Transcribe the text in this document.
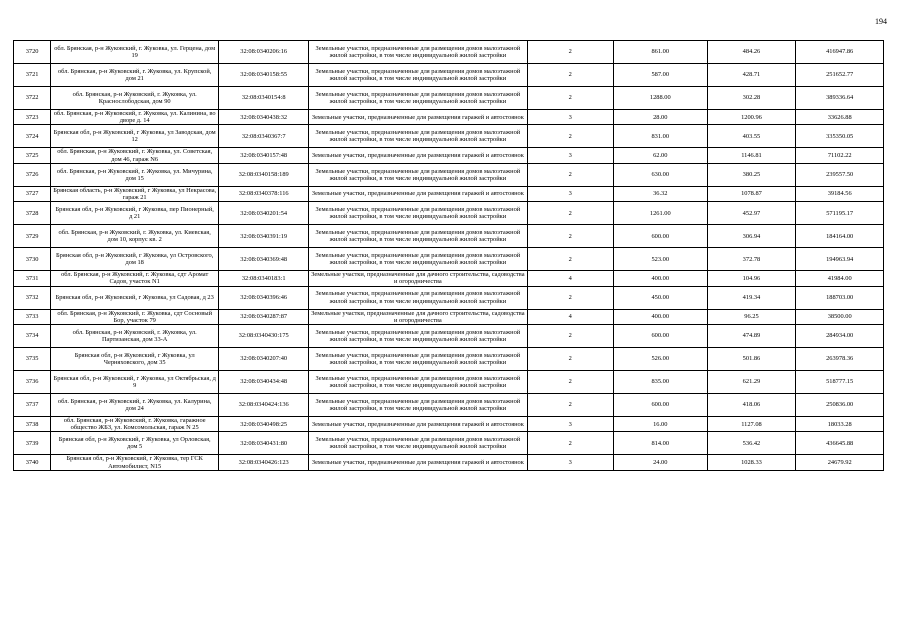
194
3720	обл. Брянская, р-н Жуковский, г. Жуковка, ул. Герцена, дом 19	32:08:0340206:16	Земельные участки, предназначенные для размещения домов малоэтажной жилой застройки, в том числе индивидуальной жилой застройки	2	861.00	484.26	416947.86
3721	обл. Брянская, р-н Жуковский, г. Жуковка, ул. Крупской, дом 21	32:08:0340158:55	Земельные участки, предназначенные для размещения домов малоэтажной жилой застройки, в том числе индивидуальной жилой застройки	2	587.00	428.71	251652.77
3722	обл. Брянская, р-н Жуковский, г. Жуковка, ул. Краснослободская, дом 90	32:08:0340154:8	Земельные участки, предназначенные для размещения домов малоэтажной жилой застройки, в том числе индивидуальной жилой застройки	2	1288.00	302.28	389336.64
3723	обл. Брянская, р-н Жуковский, г. Жуковка, ул. Калинина, во дворе д. 14	32:08:0340438:32	Земельные участки, предназначенные для размещения гаражей и автостоянок	3	28.00	1200.96	33626.88
3724	Брянская обл, р-н Жуковский, г Жуковка, ул Заводская, дом 12	32:08:0340367:7	Земельные участки, предназначенные для размещения домов малоэтажной жилой застройки, в том числе индивидуальной жилой застройки	2	831.00	403.55	335350.05
3725	обл. Брянская, р-н Жуковский, г. Жуковка, ул. Советская, дом 46, гараж N6	32:08:0340157:48	Земельные участки, предназначенные для размещения гаражей и автостоянок	3	62.00	1146.81	71102.22
3726	обл. Брянская, р-н Жуковский, г. Жуковка, ул. Мичурина, дом 15	32:08:0340158:189	Земельные участки, предназначенные для размещения домов малоэтажной жилой застройки, в том числе индивидуальной жилой застройки	2	630.00	380.25	239557.50
3727	Брянская область, р-н Жуковский, г Жуковка, ул Некрасова, гараж 21	32:08:0340378:116	Земельные участки, предназначенные для размещения гаражей и автостоянок	3	36.32	1078.87	39184.56
3728	Брянская обл, р-н Жуковский, г Жуковка, пер Пионерный, д 21	32:08:0340201:54	Земельные участки, предназначенные для размещения домов малоэтажной жилой застройки, в том числе индивидуальной жилой застройки	2	1261.00	452.97	571195.17
3729	обл. Брянская, р-н Жуковский, г. Жуковка, ул. Киевская, дом 10, корпус кв. 2	32:08:0340391:19	Земельные участки, предназначенные для размещения домов малоэтажной жилой застройки, в том числе индивидуальной жилой застройки	2	600.00	306.94	184164.00
3730	Брянская обл, р-н Жуковский, г Жуковка, ул Островского, дом 18	32:08:0340369:48	Земельные участки, предназначенные для размещения домов малоэтажной жилой застройки, в том числе индивидуальной жилой застройки	2	523.00	372.78	194963.94
3731	обл. Брянская, р-н Жуковский, г. Жуковка, сдт Аромат Садов, участок N1	32:08:0340183:1	Земельные участки, предназначенные для дачного строительства, садоводства и огородничества	4	400.00	104.96	41984.00
3732	Брянская обл, р-н Жуковский, г Жуковка, ул Садовая, д 23	32:08:0340396:46	Земельные участки, предназначенные для размещения домов малоэтажной жилой застройки, в том числе индивидуальной жилой застройки	2	450.00	419.34	188703.00
3733	обл. Брянская, р-н Жуковский, г. Жуковка, сдт Сосновый Бор, участок 79	32:08:0340287:87	Земельные участки, предназначенные для дачного строительства, садоводства и огородничества	4	400.00	96.25	38500.00
3734	обл. Брянская, р-н Жуковский, г. Жуковка, ул. Партизанская, дом 33-А	32:08:0340430:175	Земельные участки, предназначенные для размещения домов малоэтажной жилой застройки, в том числе индивидуальной жилой застройки	2	600.00	474.89	284934.00
3735	Брянская обл, р-н Жуковский, г Жуковка, ул Черняховского, дом 35	32:08:0340207:40	Земельные участки, предназначенные для размещения домов малоэтажной жилой застройки, в том числе индивидуальной жилой застройки	2	526.00	501.86	263978.36
3736	Брянская обл, р-н Жуковский, г Жуковка, ул Октябрьская, д 9	32:08:0340434:48	Земельные участки, предназначенные для размещения домов малоэтажной жилой застройки, в том числе индивидуальной жилой застройки	2	835.00	621.29	518777.15
3737	обл. Брянская, р-н Жуковский, г. Жуковка, ул. Калурина, дом 24	32:08:0340424:136	Земельные участки, предназначенные для размещения домов малоэтажной жилой застройки, в том числе индивидуальной жилой застройки	2	600.00	418.06	250836.00
3738	обл. Брянская, р-н Жуковский, г. Жуковка, гаражное общество ЖБЗ, ул. Комсомольская, гараж N 25	32:08:0340498:25	Земельные участки, предназначенные для размещения гаражей и автостоянок	3	16.00	1127.08	18033.28
3739	Брянская обл, р-н Жуковский, г Жуковка, ул Орловская, дом 5	32:08:0340431:80	Земельные участки, предназначенные для размещения домов малоэтажной жилой застройки, в том числе индивидуальной жилой застройки	2	814.00	536.42	436645.88
3740	Брянская обл, р-н Жуковский, г Жуковка, тер ГСК Автомобилист, N15	32:08:0340426:123	Земельные участки, предназначенные для размещения гаражей и автостоянок	3	24.00	1028.33	24679.92
